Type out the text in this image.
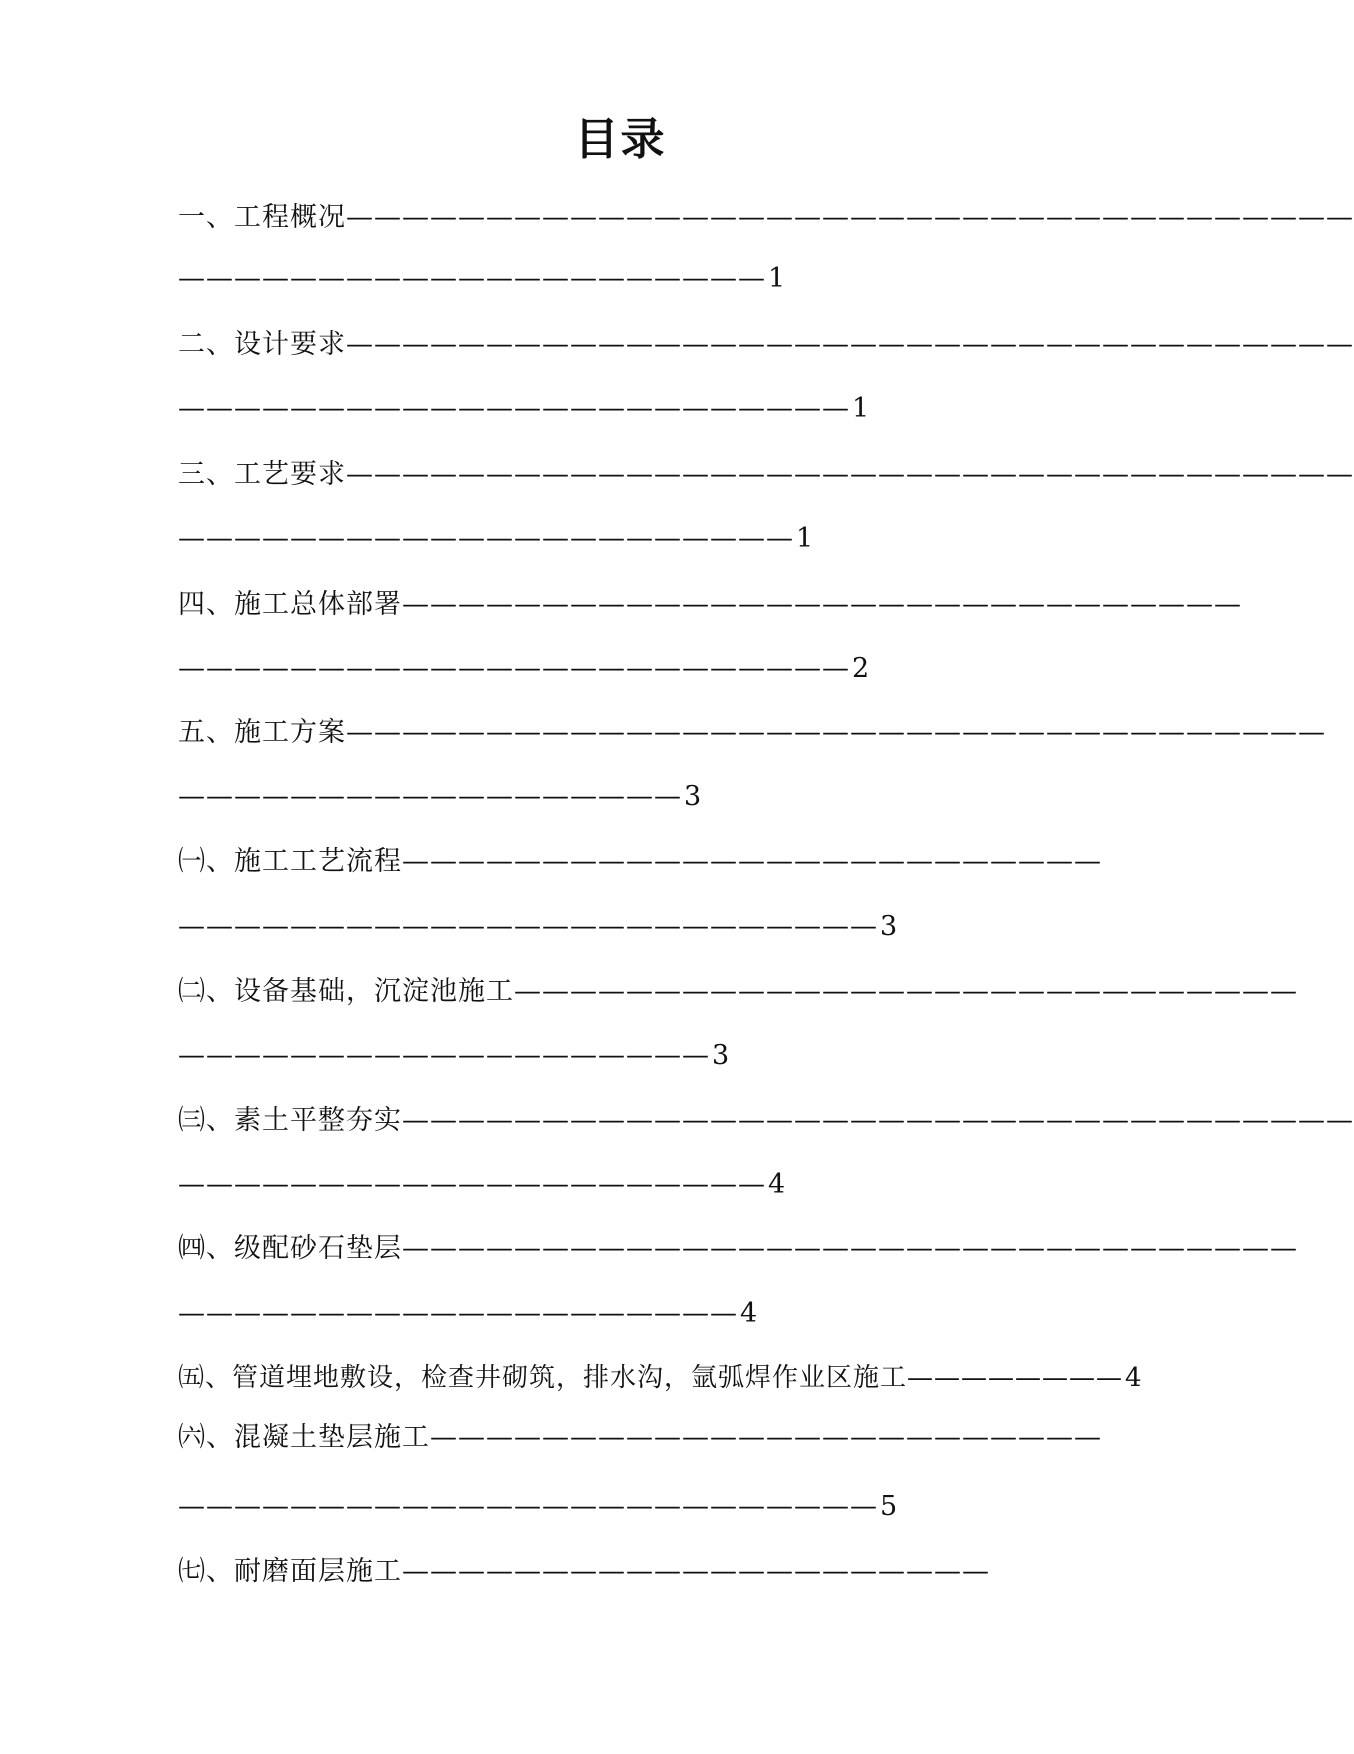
目录
一、工程概况————————————————————————————————————
—————————————————————1
二、设计要求————————————————————————————————————
————————————————————————1
三、工艺要求————————————————————————————————————
——————————————————————1
四、施工总体部署——————————————————————————————
————————————————————————2
五、施工方案———————————————————————————————————
——————————————————3
㈠、施工工艺流程—————————————————————————
—————————————————————————3
㈡、设备基础，沉淀池施工————————————————————————————
———————————————————3
㈢、素土平整夯实——————————————————————————————————
—————————————————————4
㈣、级配砂石垫层————————————————————————————————
————————————————————4
㈤、管道埋地敷设，检查井砌筑，排水沟，氩弧焊作业区施工————————4
㈥、混凝土垫层施工————————————————————————
—————————————————————————5
㈦、耐磨面层施工—————————————————————
